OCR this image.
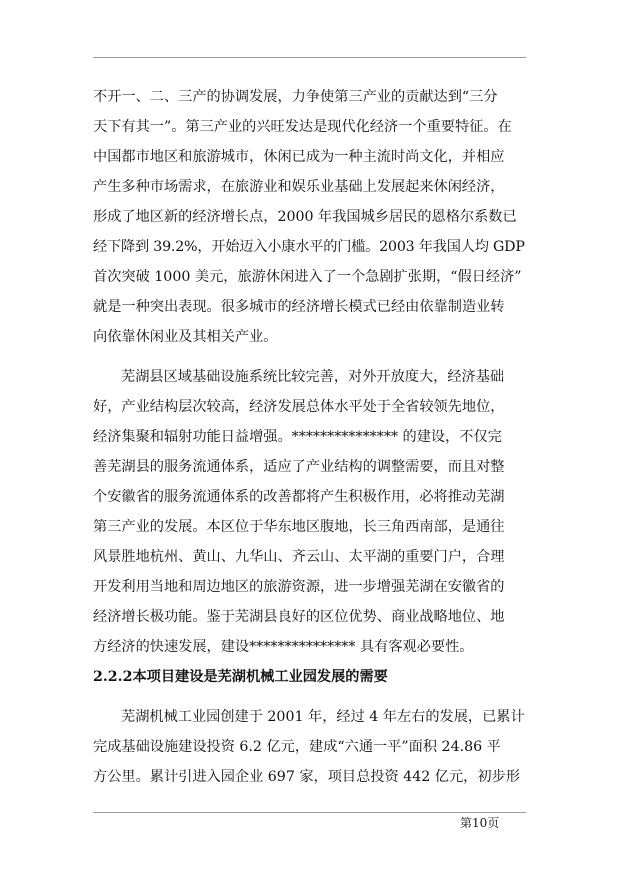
不开一、二、三产的协调发展，力争使第三产业的贡献达到“三分
天下有其一”。第三产业的兴旺发达是现代化经济一个重要特征。在
中国都市地区和旅游城市，休闲已成为一种主流时尚文化，并相应
产生多种市场需求，在旅游业和娱乐业基础上发展起来休闲经济，
形成了地区新的经济增长点，2000 年我国城乡居民的恩格尔系数已
经下降到 39.2%，开始迈入小康水平的门槛。2003 年我国人均 GDP
首次突破 1000 美元，旅游休闲进入了一个急剧扩张期，“假日经济”
就是一种突出表现。很多城市的经济增长模式已经由依靠制造业转
向依靠休闲业及其相关产业。
芜湖县区域基础设施系统比较完善，对外开放度大，经济基础
好，产业结构层次较高，经济发展总体水平处于全省较领先地位，
经济集聚和辐射功能日益增强。*************** 的建设，不仅完
善芜湖县的服务流通体系，适应了产业结构的调整需要，而且对整
个安徽省的服务流通体系的改善都将产生积极作用，必将推动芜湖
第三产业的发展。本区位于华东地区腹地，长三角西南部，是通往
风景胜地杭州、黄山、九华山、齐云山、太平湖的重要门户，合理
开发利用当地和周边地区的旅游资源，进一步增强芜湖在安徽省的
经济增长极功能。鉴于芜湖县良好的区位优势、商业战略地位、地
方经济的快速发展，建设*************** 具有客观必要性。
2.2.2本项目建设是芜湖机械工业园发展的需要
芜湖机械工业园创建于 2001 年，经过 4 年左右的发展，已累计
完成基础设施建设投资 6.2 亿元，建成“六通一平”面积 24.86 平
方公里。累计引进入园企业 697 家，项目总投资 442 亿元，初步形
第10页
